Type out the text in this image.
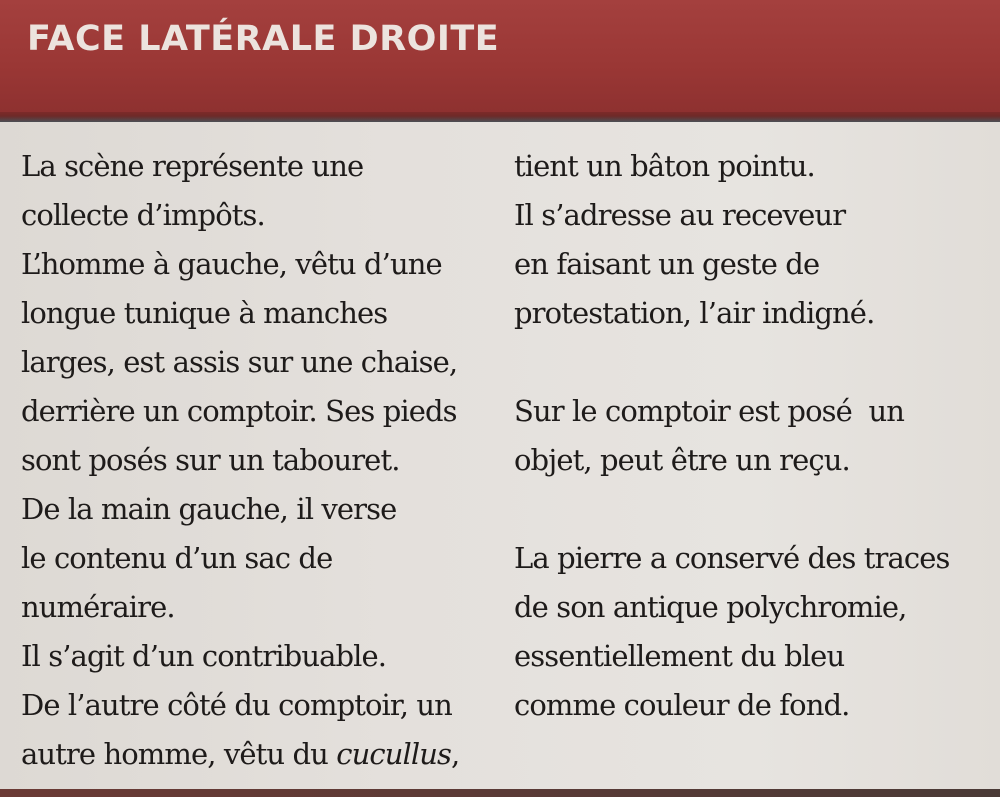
FACE LATÉRALE DROITE
La scène représente une
collecte d’impôts.
L’homme à gauche, vêtu d’une
longue tunique à manches
larges, est assis sur une chaise,
derrière un comptoir. Ses pieds
sont posés sur un tabouret.
De la main gauche, il verse
le contenu d’un sac de
numéraire.
Il s’agit d’un contribuable.
De l’autre côté du comptoir, un
autre homme, vêtu du cucullus,
tient un bâton pointu.
Il s’adresse au receveur
en faisant un geste de
protestation, l’air indigné.
Sur le comptoir est posé  un
objet, peut être un reçu.
La pierre a conservé des traces
de son antique polychromie,
essentiellement du bleu
comme couleur de fond.
